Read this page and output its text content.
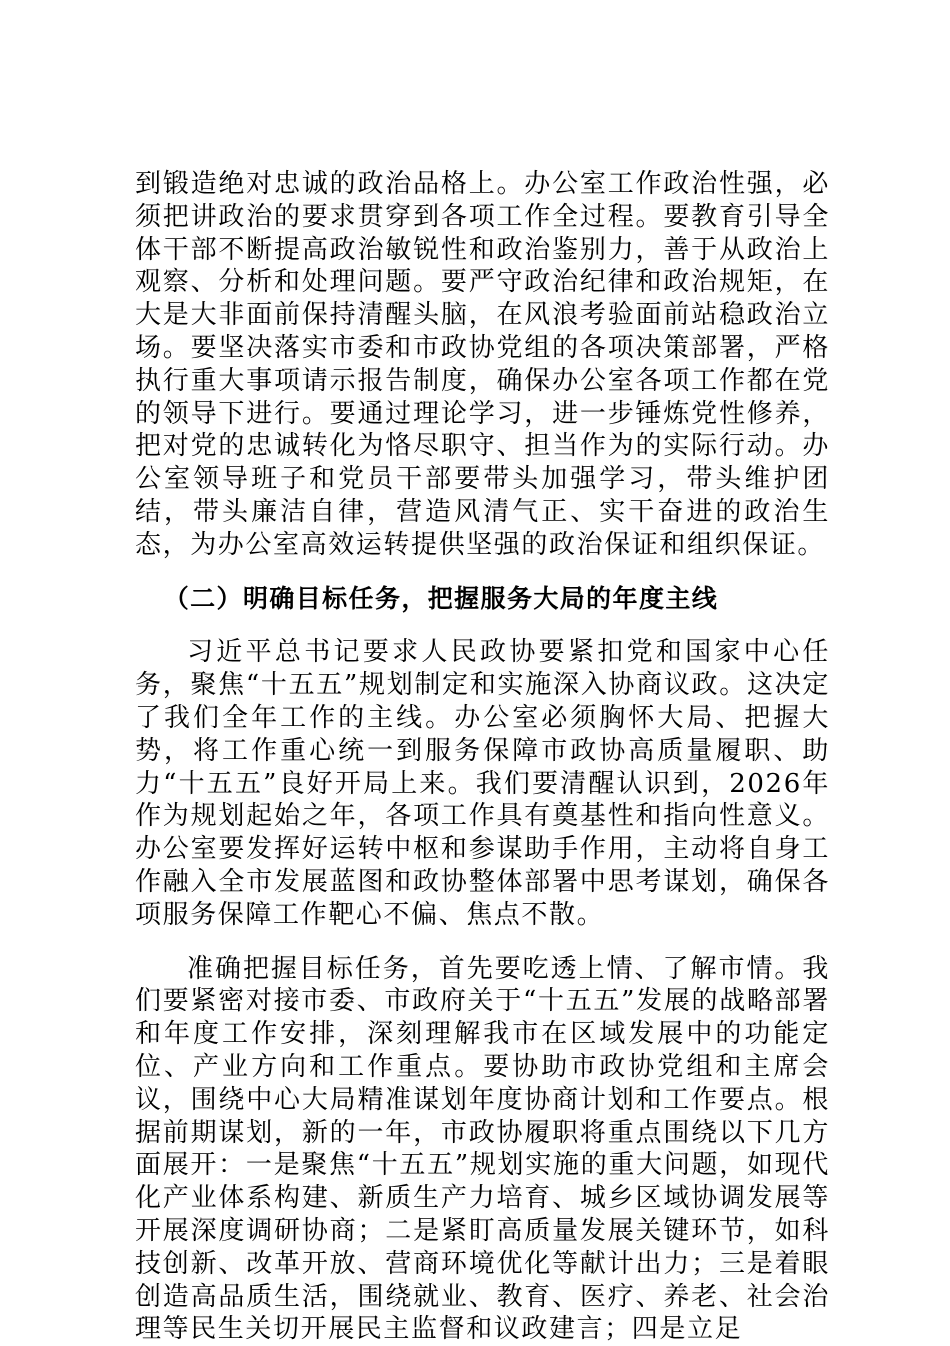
到锻造绝对忠诚的政治品格上。办公室工作政治性强，必须把讲政治的要求贯穿到各项工作全过程。要教育引导全体干部不断提高政治敏锐性和政治鉴别力，善于从政治上观察、分析和处理问题。要严守政治纪律和政治规矩，在大是大非面前保持清醒头脑，在风浪考验面前站稳政治立场。要坚决落实市委和市政协党组的各项决策部署，严格执行重大事项请示报告制度，确保办公室各项工作都在党的领导下进行。要通过理论学习，进一步锤炼党性修养，把对党的忠诚转化为恪尽职守、担当作为的实际行动。办公室领导班子和党员干部要带头加强学习，带头维护团结，带头廉洁自律，营造风清气正、实干奋进的政治生态，为办公室高效运转提供坚强的政治保证和组织保证。

（二）明确目标任务，把握服务大局的年度主线

习近平总书记要求人民政协要紧扣党和国家中心任务，聚焦“十五五”规划制定和实施深入协商议政。这决定了我们全年工作的主线。办公室必须胸怀大局、把握大势，将工作重心统一到服务保障市政协高质量履职、助力“十五五”良好开局上来。我们要清醒认识到，2026年作为规划起始之年，各项工作具有奠基性和指向性意义。办公室要发挥好运转中枢和参谋助手作用，主动将自身工作融入全市发展蓝图和政协整体部署中思考谋划，确保各项服务保障工作靶心不偏、焦点不散。

准确把握目标任务，首先要吃透上情、了解市情。我们要紧密对接市委、市政府关于“十五五”发展的战略部署和年度工作安排，深刻理解我市在区域发展中的功能定位、产业方向和工作重点。要协助市政协党组和主席会议，围绕中心大局精准谋划年度协商计划和工作要点。根据前期谋划，新的一年，市政协履职将重点围绕以下几方面展开：一是聚焦“十五五”规划实施的重大问题，如现代化产业体系构建、新质生产力培育、城乡区域协调发展等开展深度调研协商；二是紧盯高质量发展关键环节，如科技创新、改革开放、营商环境优化等献计出力；三是着眼创造高品质生活，围绕就业、教育、医疗、养老、社会治理等民生关切开展民主监督和议政建言；四是立足
